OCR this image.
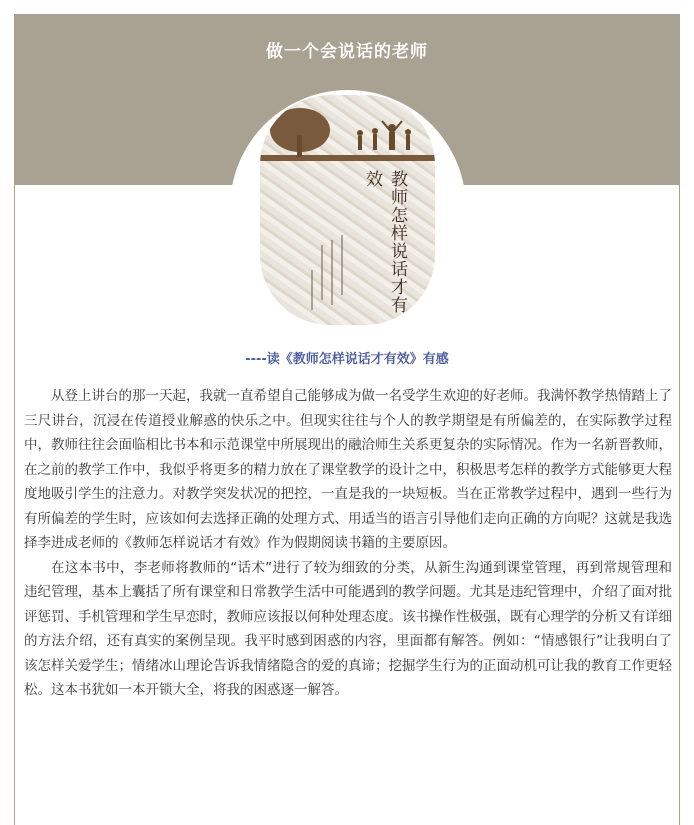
做一个会说话的老师
教师怎样说话才有效
----读《教师怎样说话才有效》有感

从登上讲台的那一天起，我就一直希望自己能够成为做一名受学生欢迎的好老师。我满怀教学热情踏上了三尺讲台，沉浸在传道授业解惑的快乐之中。但现实往往与个人的教学期望是有所偏差的，在实际教学过程中，教师往往会面临相比书本和示范课堂中所展现出的融洽师生关系更复杂的实际情况。作为一名新晋教师，在之前的教学工作中，我似乎将更多的精力放在了课堂教学的设计之中，积极思考怎样的教学方式能够更大程度地吸引学生的注意力。对教学突发状况的把控，一直是我的一块短板。当在正常教学过程中，遇到一些行为有所偏差的学生时，应该如何去选择正确的处理方式、用适当的语言引导他们走向正确的方向呢？这就是我选择李进成老师的《教师怎样说话才有效》作为假期阅读书籍的主要原因。

在这本书中，李老师将教师的“话术”进行了较为细致的分类，从新生沟通到课堂管理，再到常规管理和违纪管理，基本上囊括了所有课堂和日常教学生活中可能遇到的教学问题。尤其是违纪管理中，介绍了面对批评惩罚、手机管理和学生早恋时，教师应该报以何种处理态度。该书操作性极强，既有心理学的分析又有详细的方法介绍，还有真实的案例呈现。我平时感到困惑的内容，里面都有解答。例如：“情感银行”让我明白了该怎样关爱学生；情绪冰山理论告诉我情绪隐含的爱的真谛；挖掘学生行为的正面动机可让我的教育工作更轻松。这本书犹如一本开锁大全，将我的困惑逐一解答。
